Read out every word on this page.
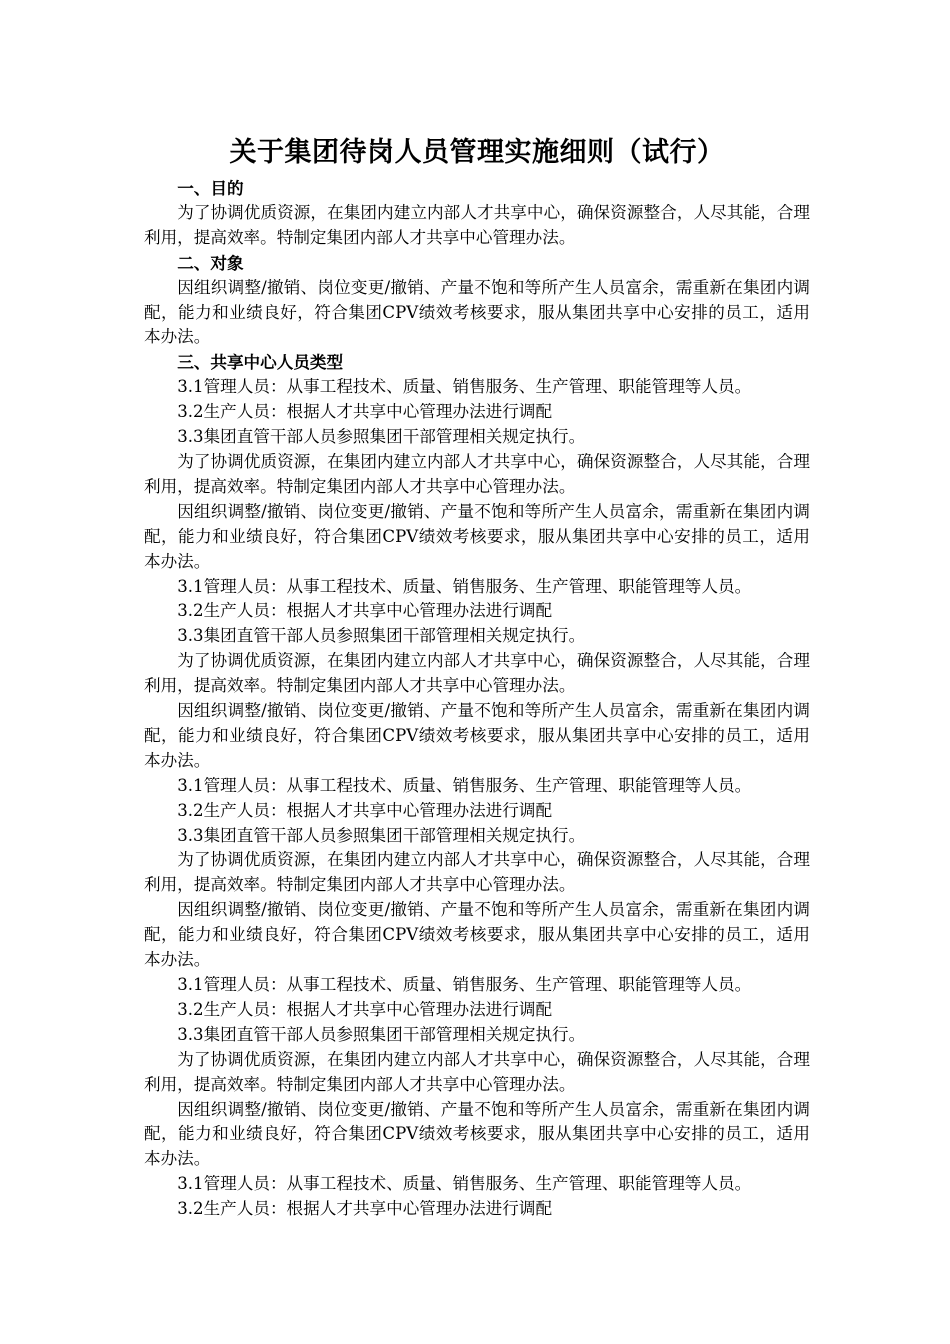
关于集团待岗人员管理实施细则（试行）

一、目的

为了协调优质资源，在集团内建立内部人才共享中心，确保资源整合，人尽其能，合理利用，提高效率。特制定集团内部人才共享中心管理办法。

二、对象

因组织调整/撤销、岗位变更/撤销、产量不饱和等所产生人员富余，需重新在集团内调配，能力和业绩良好，符合集团CPV绩效考核要求，服从集团共享中心安排的员工，适用本办法。

三、共享中心人员类型

3.1管理人员：从事工程技术、质量、销售服务、生产管理、职能管理等人员。

3.2生产人员：根据人才共享中心管理办法进行调配

3.3集团直管干部人员参照集团干部管理相关规定执行。

为了协调优质资源，在集团内建立内部人才共享中心，确保资源整合，人尽其能，合理利用，提高效率。特制定集团内部人才共享中心管理办法。

因组织调整/撤销、岗位变更/撤销、产量不饱和等所产生人员富余，需重新在集团内调配，能力和业绩良好，符合集团CPV绩效考核要求，服从集团共享中心安排的员工，适用本办法。

3.1管理人员：从事工程技术、质量、销售服务、生产管理、职能管理等人员。

3.2生产人员：根据人才共享中心管理办法进行调配

3.3集团直管干部人员参照集团干部管理相关规定执行。

为了协调优质资源，在集团内建立内部人才共享中心，确保资源整合，人尽其能，合理利用，提高效率。特制定集团内部人才共享中心管理办法。

因组织调整/撤销、岗位变更/撤销、产量不饱和等所产生人员富余，需重新在集团内调配，能力和业绩良好，符合集团CPV绩效考核要求，服从集团共享中心安排的员工，适用本办法。

3.1管理人员：从事工程技术、质量、销售服务、生产管理、职能管理等人员。

3.2生产人员：根据人才共享中心管理办法进行调配

3.3集团直管干部人员参照集团干部管理相关规定执行。

为了协调优质资源，在集团内建立内部人才共享中心，确保资源整合，人尽其能，合理利用，提高效率。特制定集团内部人才共享中心管理办法。

因组织调整/撤销、岗位变更/撤销、产量不饱和等所产生人员富余，需重新在集团内调配，能力和业绩良好，符合集团CPV绩效考核要求，服从集团共享中心安排的员工，适用本办法。

3.1管理人员：从事工程技术、质量、销售服务、生产管理、职能管理等人员。

3.2生产人员：根据人才共享中心管理办法进行调配

3.3集团直管干部人员参照集团干部管理相关规定执行。

为了协调优质资源，在集团内建立内部人才共享中心，确保资源整合，人尽其能，合理利用，提高效率。特制定集团内部人才共享中心管理办法。

因组织调整/撤销、岗位变更/撤销、产量不饱和等所产生人员富余，需重新在集团内调配，能力和业绩良好，符合集团CPV绩效考核要求，服从集团共享中心安排的员工，适用本办法。

3.1管理人员：从事工程技术、质量、销售服务、生产管理、职能管理等人员。

3.2生产人员：根据人才共享中心管理办法进行调配
